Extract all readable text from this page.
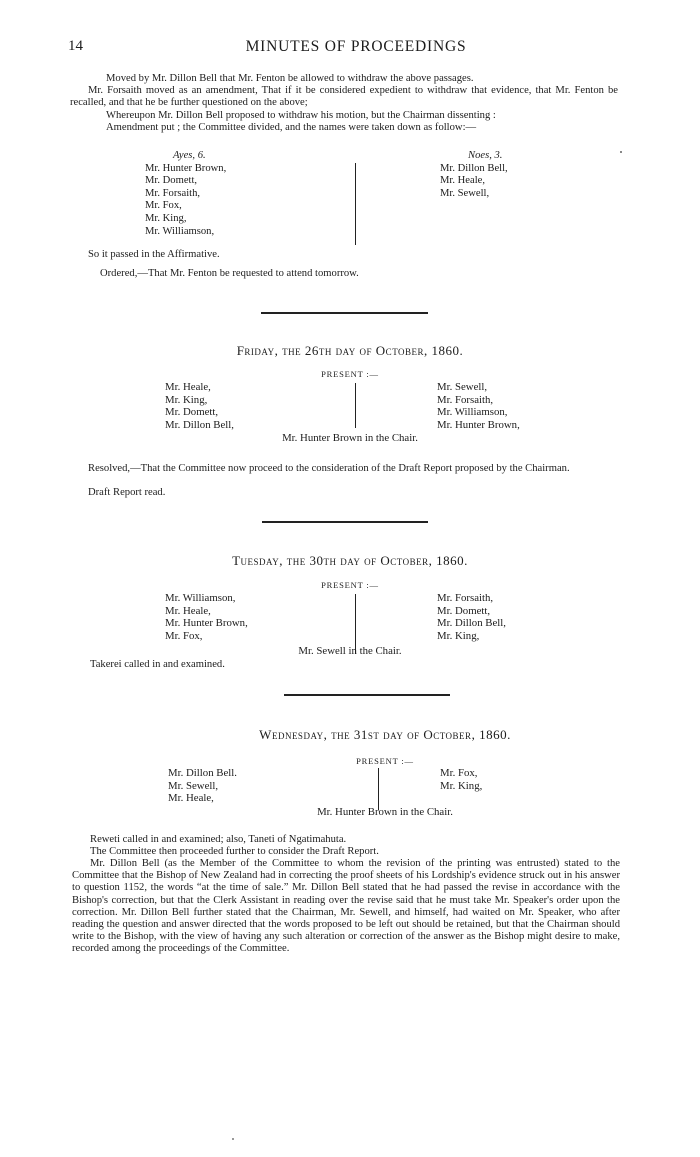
14	MINUTES OF PROCEEDINGS

Moved by Mr. Dillon Bell that Mr. Fenton be allowed to withdraw the above passages.

Mr. Forsaith moved as an amendment, That if it be considered expedient to withdraw that evidence, that Mr. Fenton be recalled, and that he be further questioned on the above;

Whereupon Mr. Dillon Bell proposed to withdraw his motion, but the Chairman dissenting :

Amendment put ; the Committee divided, and the names were taken down as follow:—

Ayes, 6.
Mr. Hunter Brown,
Mr. Domett,
Mr. Forsaith,
Mr. Fox,
Mr. King,
Mr. Williamson,
Noes, 3.
Mr. Dillon Bell,
Mr. Heale,
Mr. Sewell,

So it passed in the Affirmative.

Ordered,—That Mr. Fenton be requested to attend tomorrow.

Friday, the 26th day of October, 1860.
PRESENT :—
Mr. Heale,
Mr. King,
Mr. Domett,
Mr. Dillon Bell,
Mr. Sewell,
Mr. Forsaith,
Mr. Williamson,
Mr. Hunter Brown,
Mr. Hunter Brown in the Chair.

Resolved,—That the Committee now proceed to the consideration of the Draft Report proposed by the Chairman.

Draft Report read.

Tuesday, the 30th day of October, 1860.
PRESENT :—
Mr. Williamson,
Mr. Heale,
Mr. Hunter Brown,
Mr. Fox,
Mr. Forsaith,
Mr. Domett,
Mr. Dillon Bell,
Mr. King,
Mr. Sewell in the Chair.

Takerei called in and examined.

Wednesday, the 31st day of October, 1860.
PRESENT :—
Mr. Dillon Bell.
Mr. Sewell,
Mr. Heale,
Mr. Fox,
Mr. King,
Mr. Hunter Brown in the Chair.

Reweti called in and examined; also, Taneti of Ngatimahuta.

The Committee then proceeded further to consider the Draft Report.

Mr. Dillon Bell (as the Member of the Committee to whom the revision of the printing was entrusted) stated to the Committee that the Bishop of New Zealand had in correcting the proof sheets of his Lordship's evidence struck out in his answer to question 1152, the words “at the time of sale.” Mr. Dillon Bell stated that he had passed the revise in accordance with the Bishop's correction, but that the Clerk Assistant in reading over the revise said that he must take Mr. Speaker's order upon the correction. Mr. Dillon Bell further stated that the Chairman, Mr. Sewell, and himself, had waited on Mr. Speaker, who after reading the question and answer directed that the words proposed to be left out should be retained, but that the Chairman should write to the Bishop, with the view of having any such alteration or correction of the answer as the Bishop might desire to make, recorded among the proceedings of the Committee.
